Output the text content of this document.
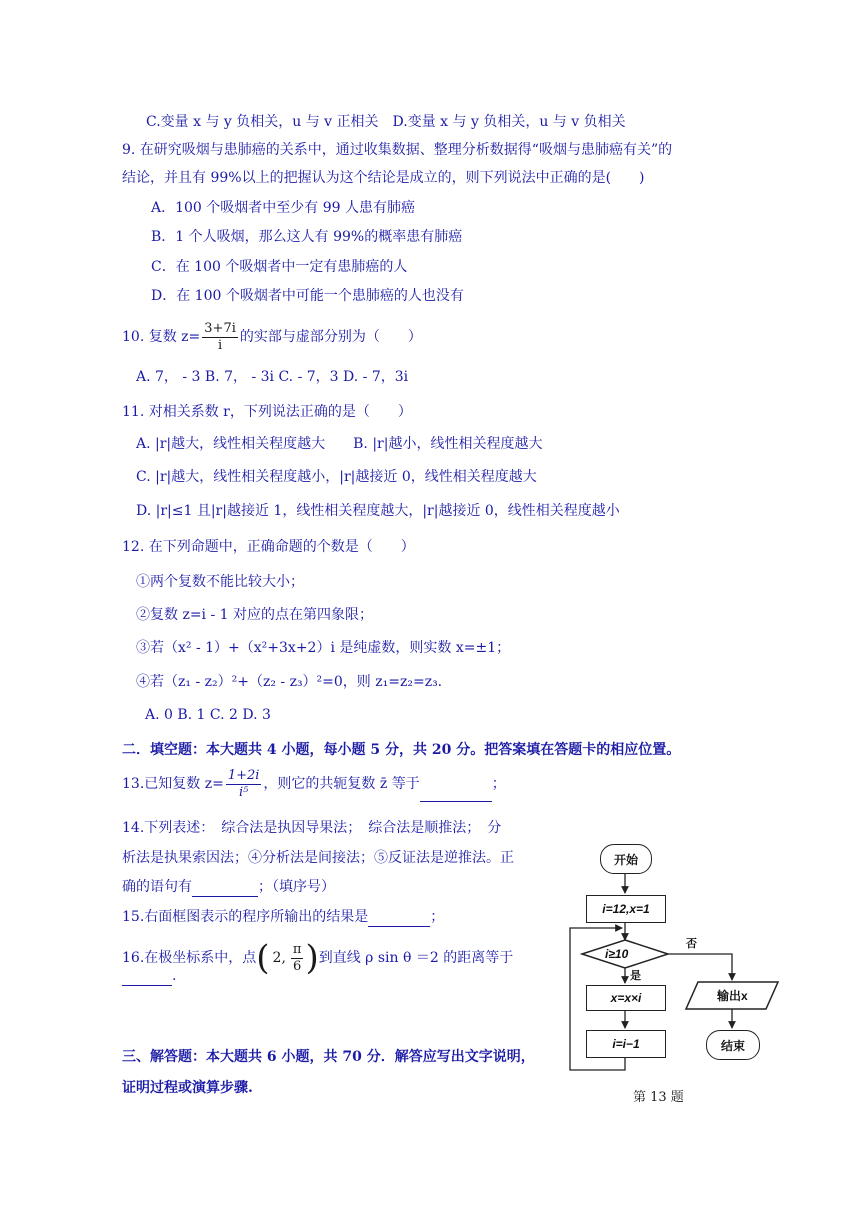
C.变量 x 与 y 负相关，u 与 v 正相关　D.变量 x 与 y 负相关，u 与 v 负相关
9. 在研究吸烟与患肺癌的关系中，通过收集数据、整理分析数据得“吸烟与患肺癌有关”的
结论，并且有 99%以上的把握认为这个结论是成立的，则下列说法中正确的是(　　)
A．100 个吸烟者中至少有 99 人患有肺癌
B．1 个人吸烟，那么这人有 99%的概率患有肺癌
C．在 100 个吸烟者中一定有患肺癌的人
D．在 100 个吸烟者中可能一个患肺癌的人也没有
10. 复数 $z= \frac{3+7i}{i}$ 的实部与虚部分别为（　　）
A. 7， - 3 B. 7， - 3i C. - 7，3 D. - 7，3i
11. 对相关系数 r，下列说法正确的是（　　）
A. |r|越大，线性相关程度越大　　B. |r|越小，线性相关程度越大
C. |r|越大，线性相关程度越小，|r|越接近 0，线性相关程度越大
D. |r|≤1 且|r|越接近 1，线性相关程度越大，|r|越接近 0，线性相关程度越小
12. 在下列命题中，正确命题的个数是（　　）
①两个复数不能比较大小；
②复数 z=i - 1 对应的点在第四象限；
③若（x² - 1）+（x²+3x+2）i 是纯虚数，则实数 x=±1；
④若（z₁ - z₂）²+（z₂ - z₃）²=0，则 z₁=z₂=z₃.
A. 0 B. 1 C. 2 D. 3
二．填空题：本大题共 4 小题，每小题 5 分，共 20 分。把答案填在答题卡的相应位置。
13.已知复数 $z= \frac{1+2i}{\text{i⁵}}$ ，则它的共轭复数 z̄ 等于	；
14.下列表述：　综合法是执因导果法；　综合法是顺推法；　分
析法是执果索因法；④分析法是间接法；⑤反证法是逆推法。正
确的语句有	；（填序号）
15.右面框图表示的程序所输出的结果是	；
16.在极坐标系中，点 ( 2, $\frac{\pi}{6}$ ) 到直线 ρ sin θ ＝2 的距离等于
.
三、解答题：本大题共 6 小题，共 70 分．解答应写出文字说明，
证明过程或演算步骤.
开始
i=12,x=1
i≥10
是
否
x=x×i
i=i−1
输出x
结束
第 13 题
